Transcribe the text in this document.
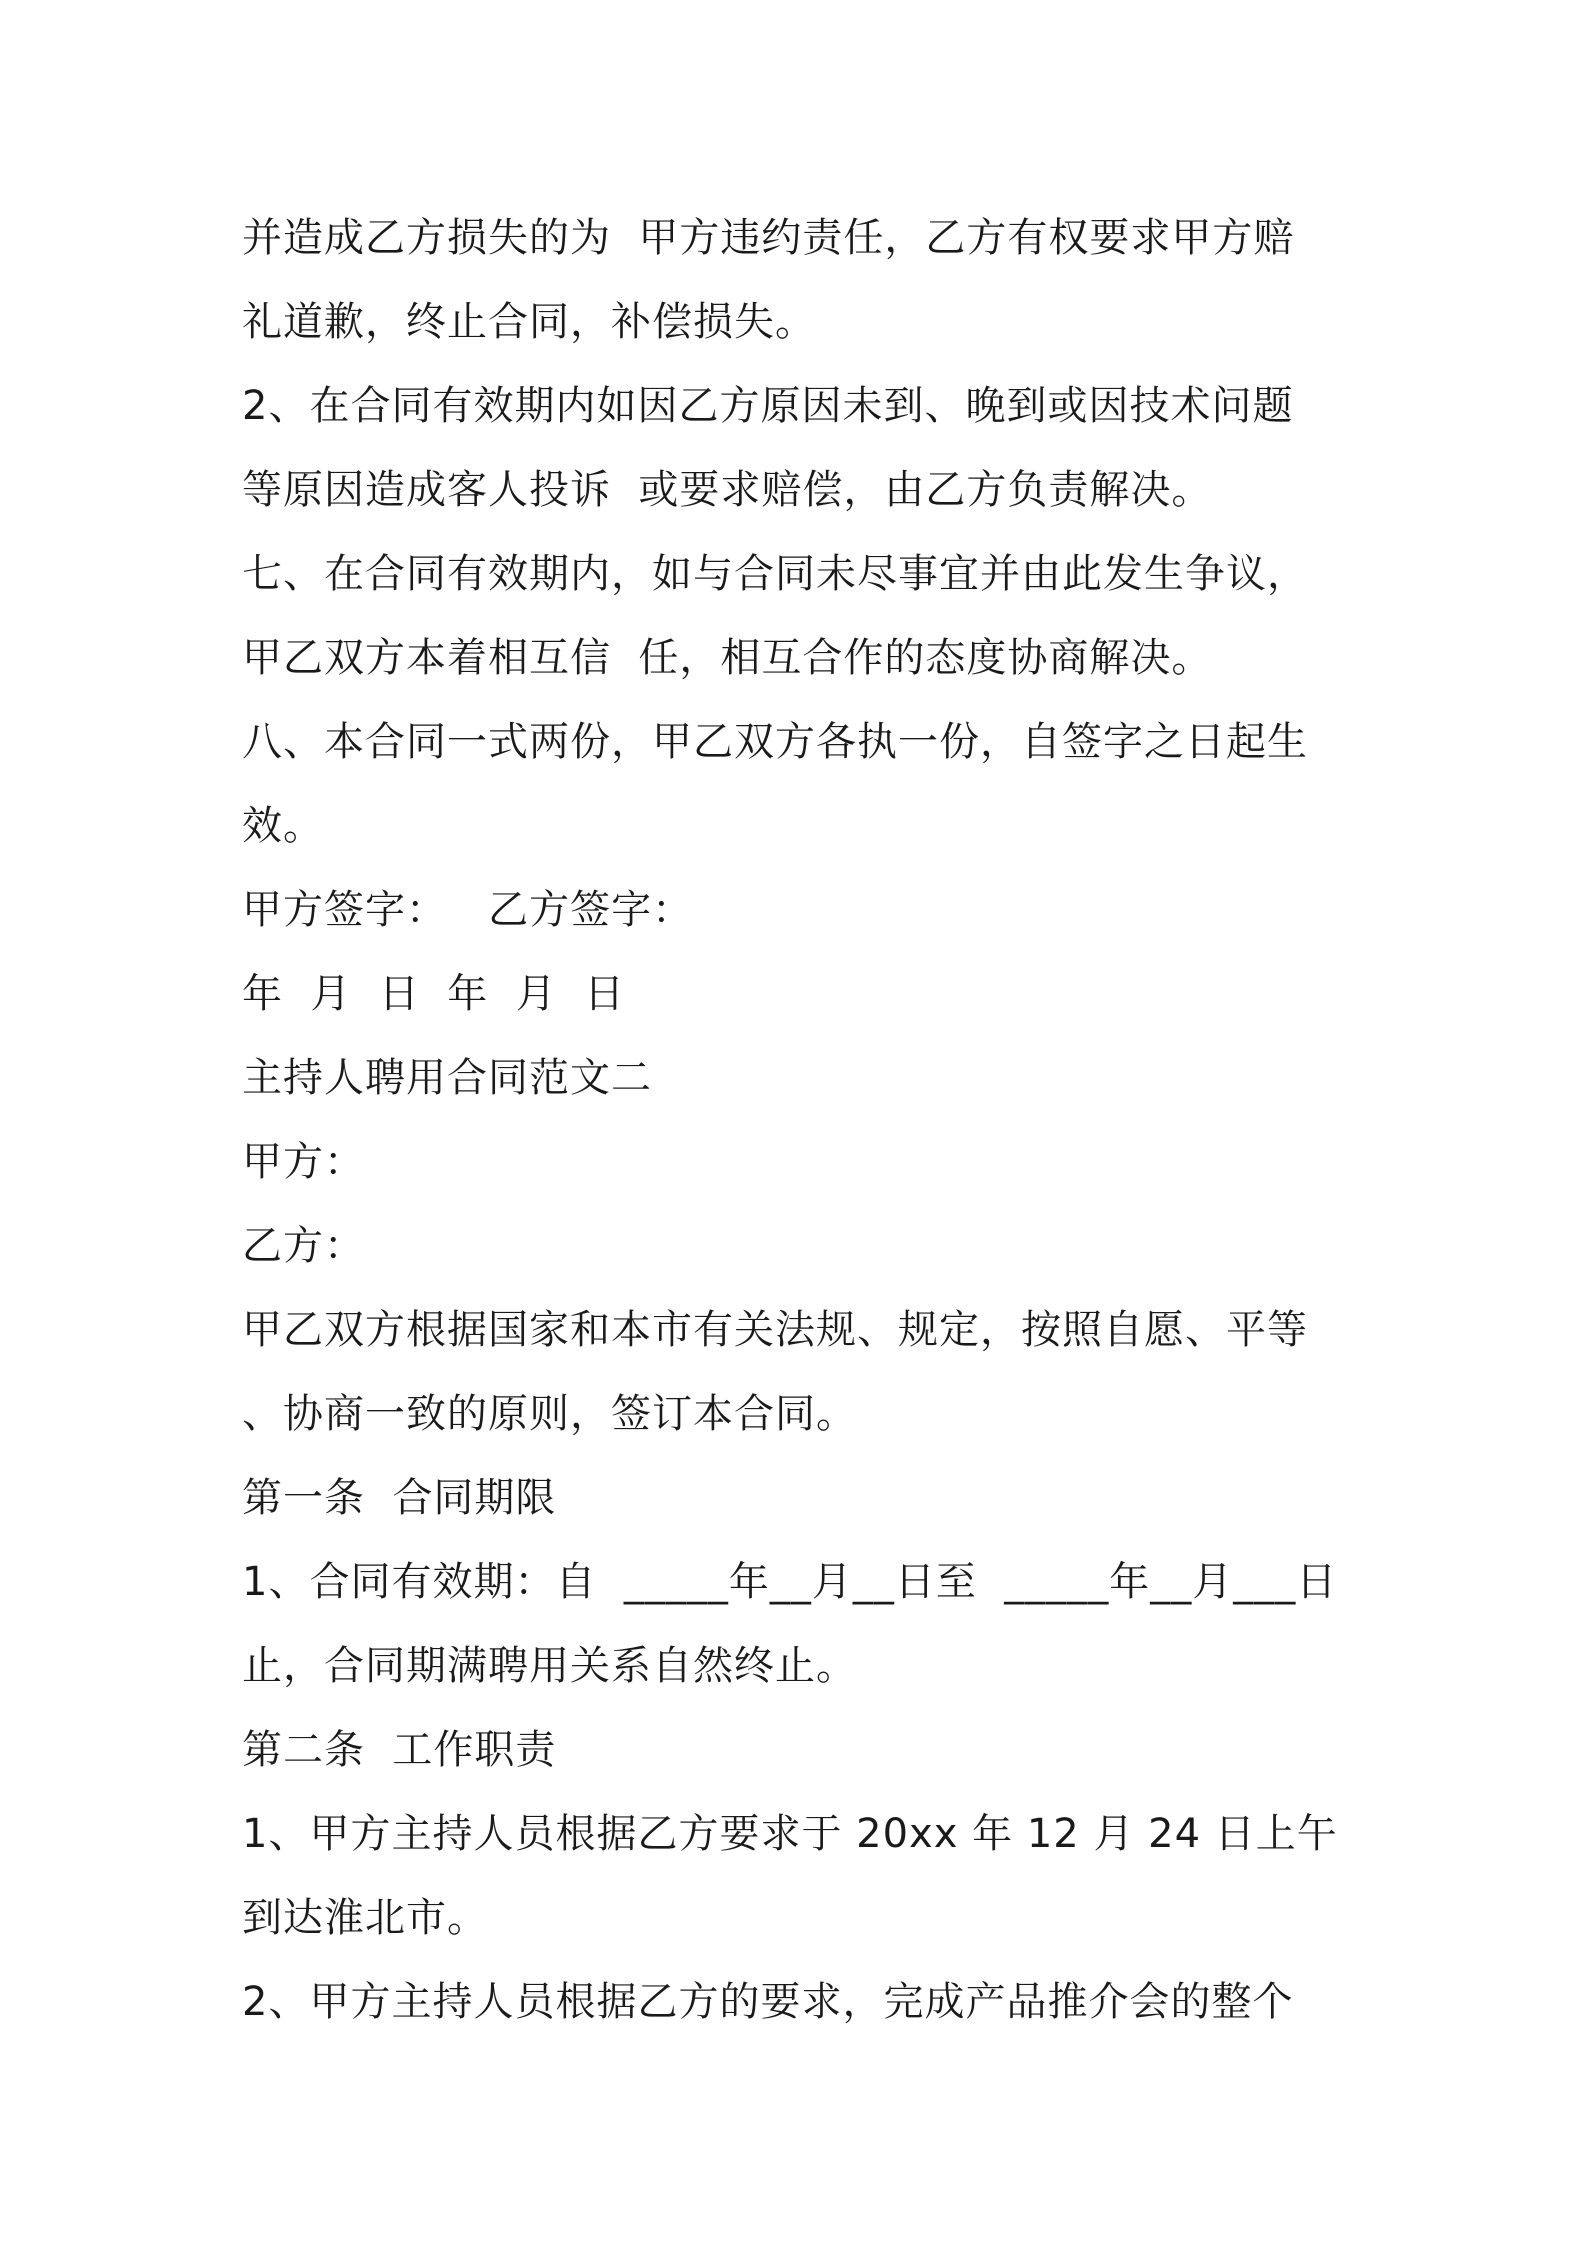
并造成乙方损失的为  甲方违约责任，乙方有权要求甲方赔
礼道歉，终止合同，补偿损失。
2、在合同有效期内如因乙方原因未到、晚到或因技术问题
等原因造成客人投诉  或要求赔偿，由乙方负责解决。
七、在合同有效期内，如与合同未尽事宜并由此发生争议，
甲乙双方本着相互信  任，相互合作的态度协商解决。
八、本合同一式两份，甲乙双方各执一份，自签字之日起生
效。
甲方签字：   乙方签字：
年  月  日  年  月  日
主持人聘用合同范文二
甲方：
乙方：
甲乙双方根据国家和本市有关法规、规定，按照自愿、平等
、协商一致的原则，签订本合同。
第一条  合同期限
1、合同有效期：自  _____年__月__日至  _____年__月___日
止，合同期满聘用关系自然终止。
第二条  工作职责
1、甲方主持人员根据乙方要求于 20xx 年 12 月 24 日上午
到达淮北市。
2、甲方主持人员根据乙方的要求，完成产品推介会的整个
